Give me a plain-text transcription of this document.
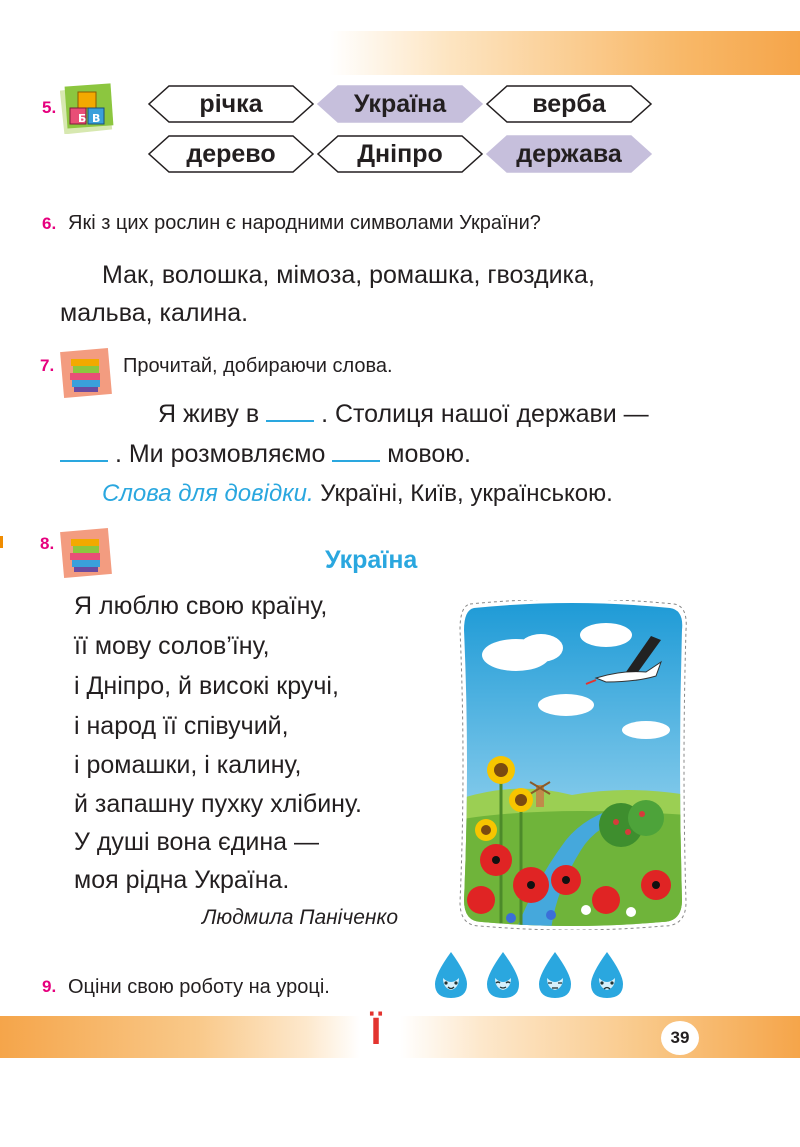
5.
Б В
річка	Україна	верба
дерево	Дніпро	держава
6. Які з цих рослин є народними символами України?
Мак, волошка, мімоза, ромашка, гвоздика,
мальва, калина.
7.	Прочитай, добираючи слова.
Я живу в . Столиця нашої держави —
. Ми розмовляємо мовою.
Слова для довідки. Україні, Київ, українською.
8.
Україна
Я люблю свою країну,
її мову солов’їну,
і Дніпро, й високі кручі,
і народ її співучий,
і ромашки, і калину,
й запашну пухку хлібину.
У душі вона єдина —
моя рідна Україна.
Людмила Паніченко
9. Оціни свою роботу на уроці.
Ї	39
